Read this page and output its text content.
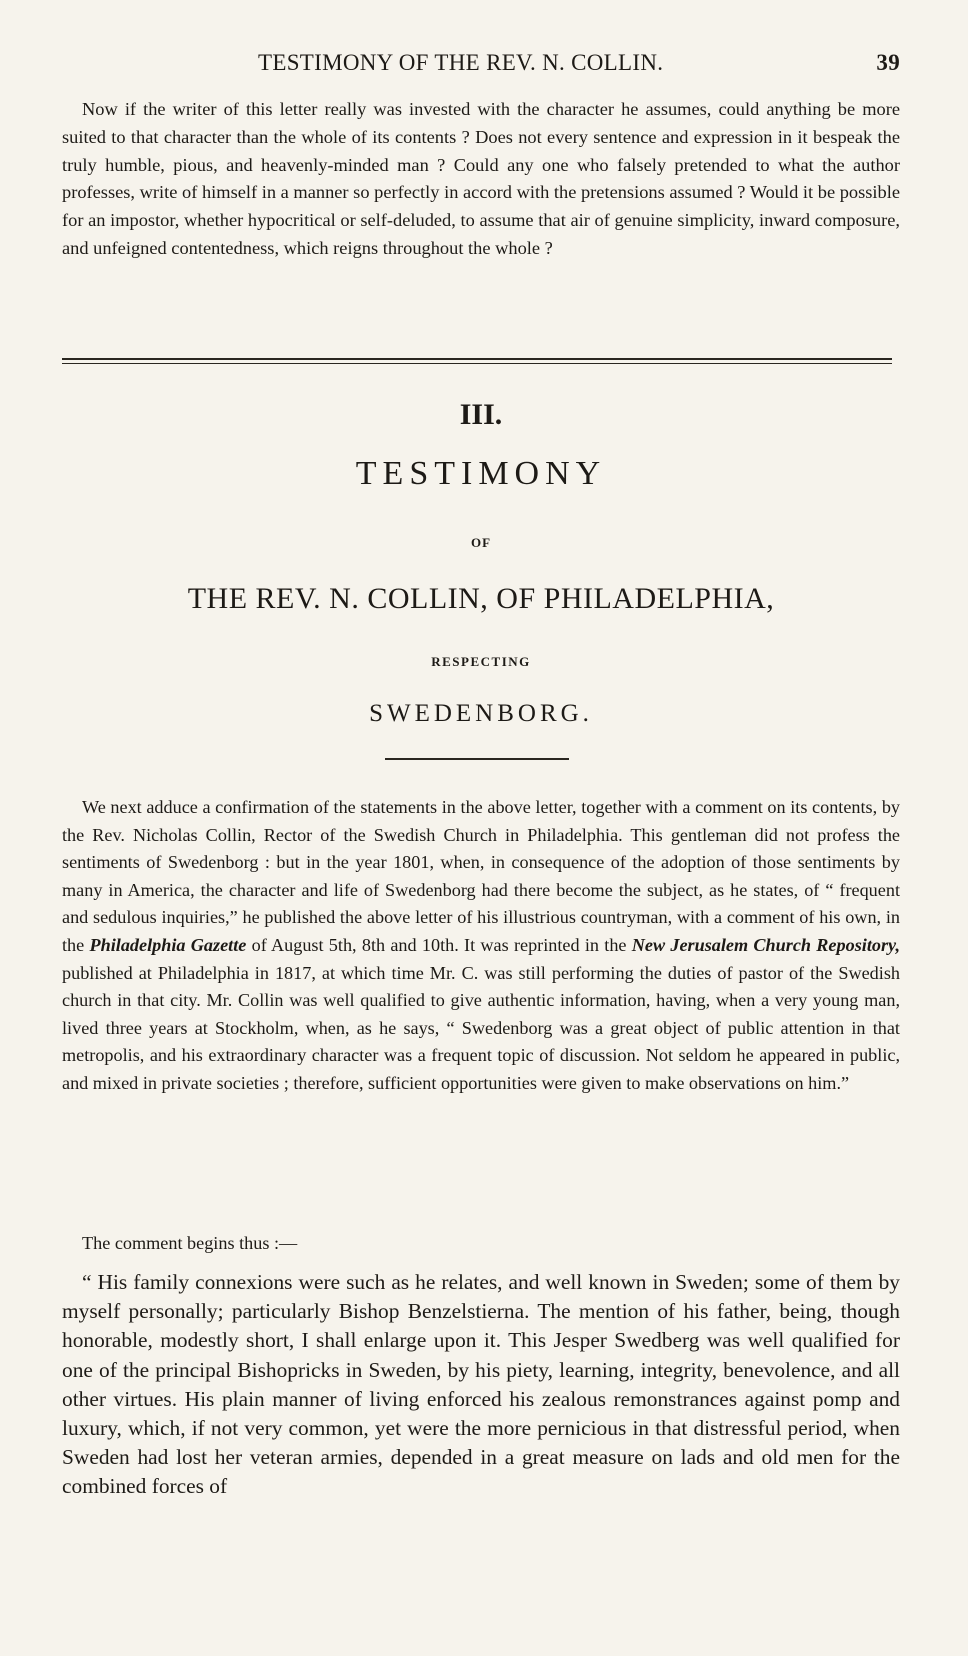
TESTIMONY OF THE REV. N. COLLIN.	39

Now if the writer of this letter really was invested with the character he assumes, could anything be more suited to that character than the whole of its contents ? Does not every sentence and expression in it bespeak the truly humble, pious, and heavenly-minded man ? Could any one who falsely pretended to what the author professes, write of himself in a manner so perfectly in accord with the pretensions assumed ? Would it be possible for an impostor, whether hypocritical or self-deluded, to assume that air of genuine simplicity, inward composure, and unfeigned contentedness, which reigns throughout the whole ?

III.
TESTIMONY
OF
THE REV. N. COLLIN, OF PHILADELPHIA,
RESPECTING
SWEDENBORG.

We next adduce a confirmation of the statements in the above letter, together with a comment on its contents, by the Rev. Nicholas Collin, Rector of the Swedish Church in Philadelphia. This gentleman did not profess the sentiments of Swedenborg : but in the year 1801, when, in consequence of the adoption of those sentiments by many in America, the character and life of Swedenborg had there become the subject, as he states, of “ frequent and sedulous inquiries,” he published the above letter of his illustrious countryman, with a comment of his own, in the Philadelphia Gazette of August 5th, 8th and 10th. It was reprinted in the New Jerusalem Church Repository, published at Philadelphia in 1817, at which time Mr. C. was still performing the duties of pastor of the Swedish church in that city. Mr. Collin was well qualified to give authentic information, having, when a very young man, lived three years at Stockholm, when, as he says, “ Swedenborg was a great object of public attention in that metropolis, and his extraordinary character was a frequent topic of discussion. Not seldom he appeared in public, and mixed in private societies ; therefore, sufficient opportunities were given to make observations on him.”

The comment begins thus :—

“ His family connexions were such as he relates, and well known in Sweden; some of them by myself personally; particularly Bishop Benzelstierna. The mention of his father, being, though honorable, modestly short, I shall enlarge upon it. This Jesper Swedberg was well qualified for one of the principal Bishopricks in Sweden, by his piety, learning, integrity, benevolence, and all other virtues. His plain manner of living enforced his zealous remonstrances against pomp and luxury, which, if not very common, yet were the more pernicious in that distressful period, when Sweden had lost her veteran armies, depended in a great measure on lads and old men for the combined forces of
